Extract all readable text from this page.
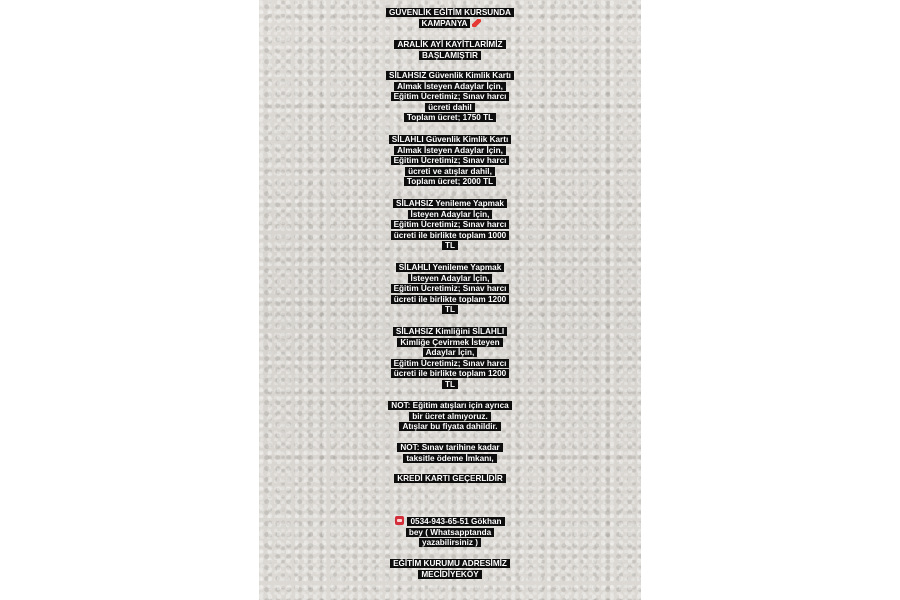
GÜVENLİK EĞİTİM KURSUNDA
KAMPANYA
ARALİK AYİ KAYİTLARİMİZ
BAŞLAMIŞTIR
SİLAHSIZ Güvenlik Kimlik Kartı
Almak İsteyen Adaylar İçin,
Eğitim Ücretimiz; Sınav harcı
ücreti dahil
Toplam ücret; 1750 TL
SİLAHLI Güvenlik Kimlik Kartı
Almak İsteyen Adaylar İçin,
Eğitim Ücretimiz; Sınav harcı
ücreti ve atışlar dahil,
Toplam ücret; 2000 TL
SİLAHSIZ Yenileme Yapmak
İsteyen Adaylar İçin,
Eğitim Ücretimiz; Sınav harcı
ücreti ile birlikte toplam 1000
TL
SİLAHLI Yenileme Yapmak
İsteyen Adaylar İçin,
Eğitim Ücretimiz; Sınav harcı
ücreti ile birlikte toplam 1200
TL
SİLAHSIZ Kimliğini SİLAHLI
Kimliğe Çevirmek İsteyen
Adaylar İçin,
Eğitim Ücretimiz; Sınav harcı
ücreti ile birlikte toplam 1200
TL
NOT: Eğitim atışları için ayrıca
bir ücret almıyoruz.
Atışlar bu fiyata dahildir.
NOT: Sınav tarihine kadar
taksitle ödeme İmkanı,
KREDİ KARTI GEÇERLİDİR
0534-943-65-51 Gökhan
bey ( Whatsapptanda
yazabilirsiniz )
EĞİTİM KURUMU ADRESİMİZ
MECİDİYEKÖY
